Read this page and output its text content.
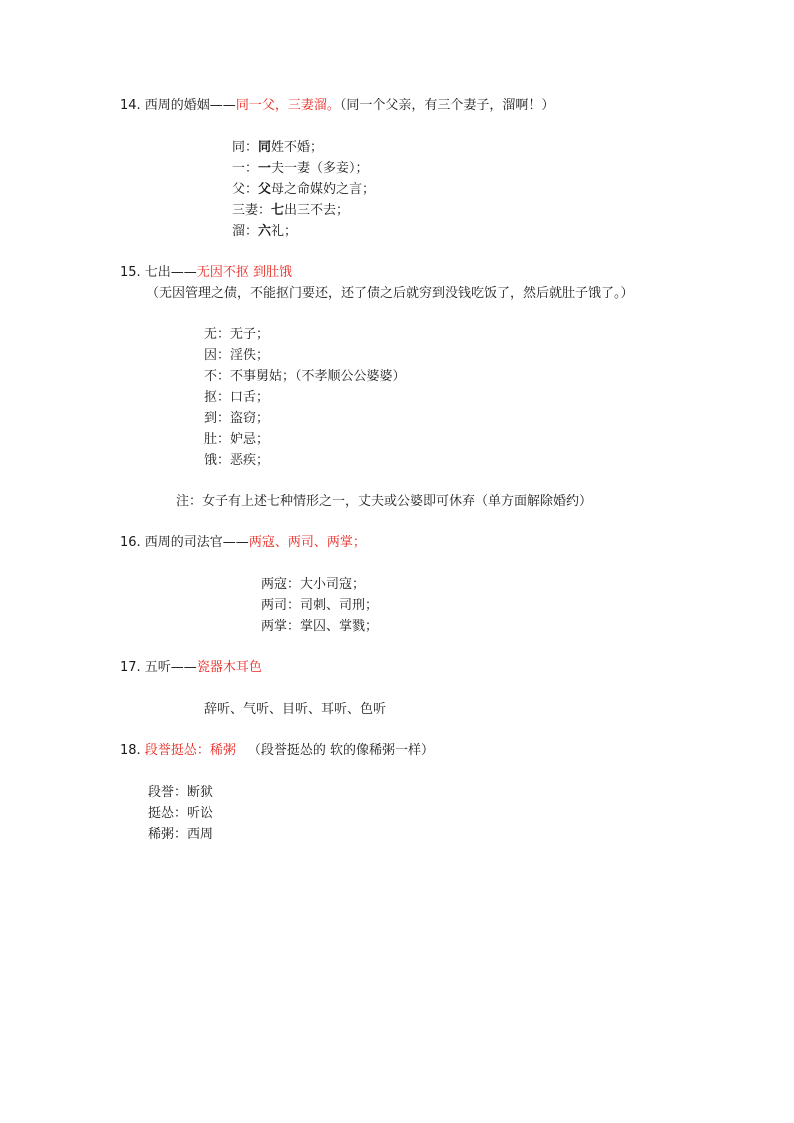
14. 西周的婚姻——同一父，三妻溜。（同一个父亲，有三个妻子，溜啊！）
同：同姓不婚；
一：一夫一妻（多妾）；
父：父母之命媒妁之言；
三妻：七出三不去；
溜：六礼；
15. 七出——无因不抠 到肚饿
（无因管理之债，不能抠门要还，还了债之后就穷到没钱吃饭了，然后就肚子饿了。）
无：无子；
因：淫佚；
不：不事舅姑；（不孝顺公公婆婆）
抠：口舌；
到：盗窃；
肚：妒忌；
饿：恶疾；
注：女子有上述七种情形之一，丈夫或公婆即可休弃（单方面解除婚约）
16. 西周的司法官——两寇、两司、两掌；
两寇：大小司寇；
两司：司刺、司刑；
两掌：掌囚、掌戮；
17. 五听——瓷器木耳色
辞听、气听、目听、耳听、色听
18. 段誉挺怂：稀粥 （段誉挺怂的 软的像稀粥一样）
段誉：断狱
挺怂：听讼
稀粥：西周
